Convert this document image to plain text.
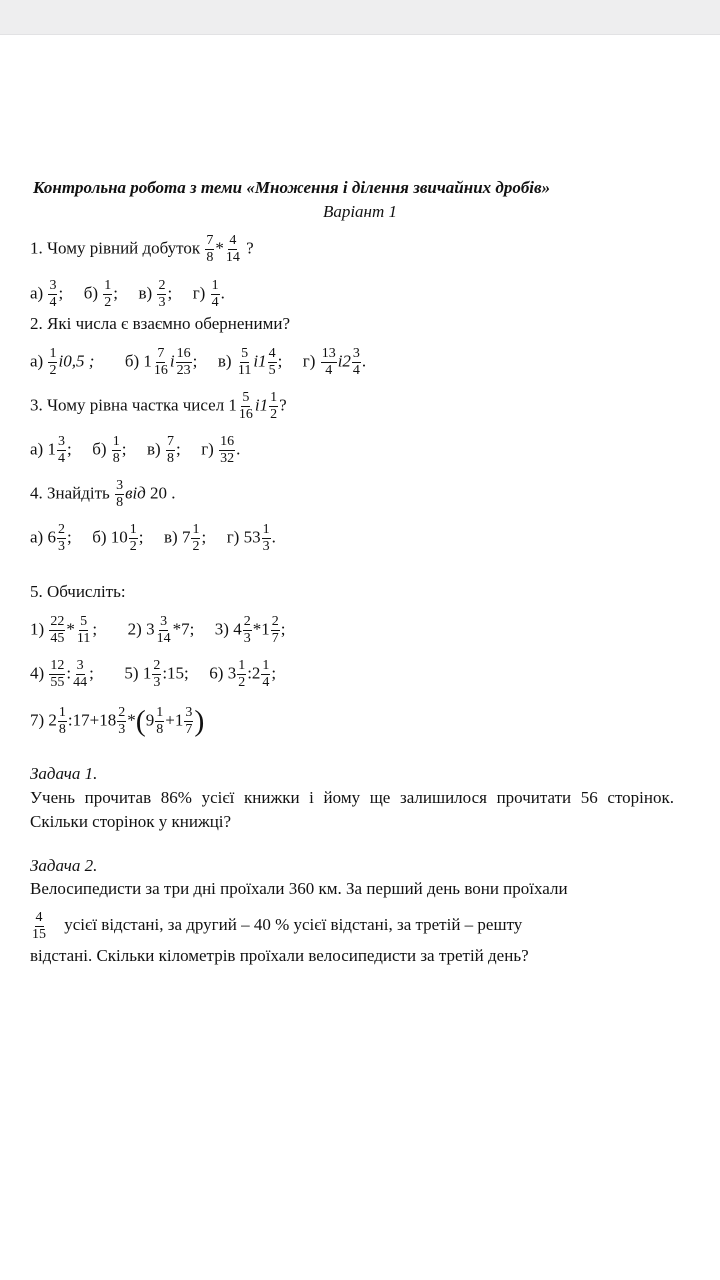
Контрольна робота з теми «Множення і ділення звичайних дробів»
Варіант 1
1. Чому рівний добуток $\frac{7}{8} * \frac{4}{14}$ ?
$а) \frac{3}{4}$ ; $б) \frac{1}{2}$ ; $в) \frac{2}{3}$ ; $г) \frac{1}{4}$ .
2. Які числа є взаємно оберненими?
$а) \frac{1}{2} і0,5$ ; б) $1 \frac{7}{16}$ і $\frac{16}{23}$ ; $в) \frac{5}{11} і1 \frac{4}{5}$ ; $г) \frac{13}{4} і2 \frac{3}{4}$ .
3. Чому рівна частка чисел $1 \frac{5}{16} і1 \frac{1}{2}$ ?
а) $1 \frac{3}{4}$ ; $б) \frac{1}{8}$ ; $в) \frac{7}{8}$ ; $г) \frac{16}{32}$ .
4. Знайдіть $\frac{3}{8}$ від 20 .
а) $6 \frac{2}{3}$ ; б) $10 \frac{1}{2}$ ; в) $7 \frac{1}{2}$ ; г) $53 \frac{1}{3}$ .
5. Обчисліть:
$1) \frac{22}{45} * \frac{5}{11}$ ; 2) $3 \frac{3}{14} *7$; 3) $4 \frac{2}{3} *1 \frac{2}{7}$ ;
$4) \frac{12}{55}$ : $\frac{3}{44}$ ; 5) $1 \frac{2}{3}$ :15; 6) $3 \frac{1}{2}$ :2 $\frac{1}{4}$ ;
7) $2 \frac{1}{8}$ :17+18 $\frac{2}{3} *(9 \frac{1}{8} +1 \frac{3}{7}$ )
Задача 1.
Учень прочитав 86% усієї книжки і йому ще залишилося прочитати 56 сторінок. Скільки сторінок у книжці?
Задача 2.
Велосипедисти за три дні проїхали 360 км. За перший день вони проїхали
$\frac{4}{15}$ усієї відстані, за другий – 40 % усієї відстані, за третій – решту
відстані. Скільки кілометрів проїхали велосипедисти за третій день?
